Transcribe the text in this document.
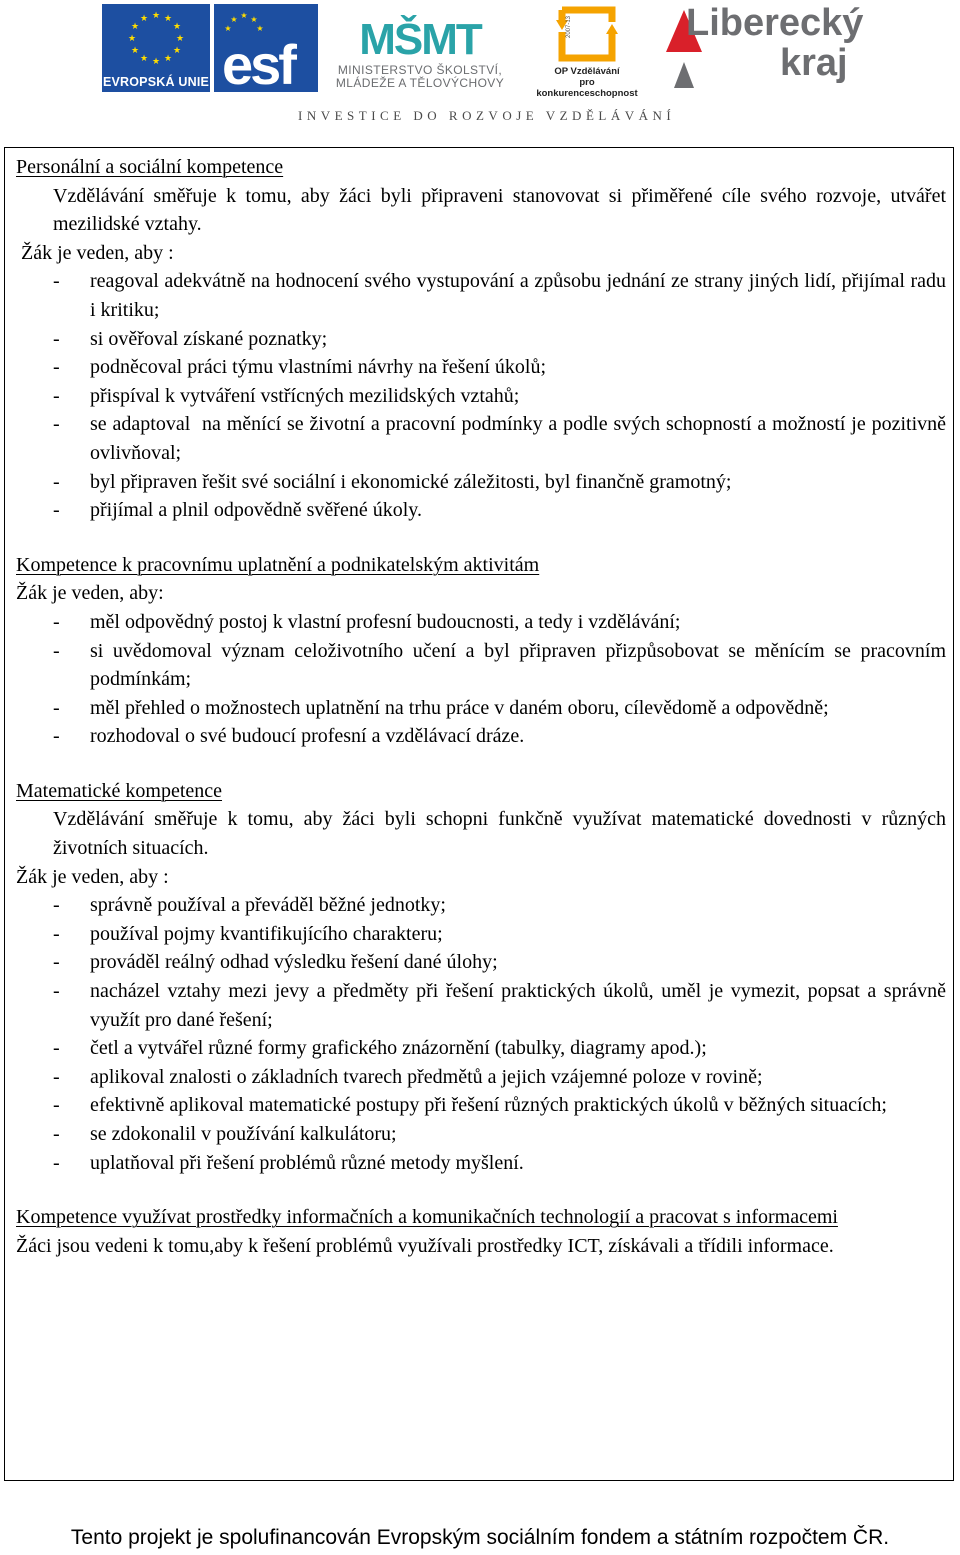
★ ★
★
★
★
★
★
★
★
★
★
★
EVROPSKÁ UNIE
★ ★
★
★
★
esf MŠMT
MINISTERSTVO ŠKOLSTVÍ,
MLÁDEŽE A TĚLOVÝCHOVY
2007-13
OP Vzdělávání
pro konkurenceschopnost
Liberecký
kraj
INVESTICE DO ROZVOJE VZDĚLÁVÁNÍ
Personální a sociální kompetence
Vzdělávání směřuje k tomu, aby žáci byli připraveni stanovovat si přiměřené cíle svého rozvoje, utvářet mezilidské vztahy.
Žák je veden, aby :
- reagoval adekvátně na hodnocení svého vystupování a způsobu jednání ze strany jiných lidí, přijímal radu i kritiku;
- si ověřoval získané poznatky;
- podněcoval práci týmu vlastními návrhy na řešení úkolů;
- přispíval k vytváření vstřícných mezilidských vztahů;
- se adaptoval  na měnící se životní a pracovní podmínky a podle svých schopností a možností je pozitivně ovlivňoval;
- byl připraven řešit své sociální i ekonomické záležitosti, byl finančně gramotný;
- přijímal a plnil odpovědně svěřené úkoly.
Kompetence k pracovnímu uplatnění a podnikatelským aktivitám
Žák je veden, aby:
- měl odpovědný postoj k vlastní profesní budoucnosti, a tedy i vzdělávání;
- si uvědomoval význam celoživotního učení a byl připraven přizpůsobovat se měnícím se pracovním podmínkám;
- měl přehled o možnostech uplatnění na trhu práce v daném oboru, cílevědomě a odpovědně;
- rozhodoval o své budoucí profesní a vzdělávací dráze.
Matematické kompetence
Vzdělávání směřuje k tomu, aby žáci byli schopni funkčně využívat matematické dovednosti v různých životních situacích.
Žák je veden, aby :
- správně používal a převáděl běžné jednotky;
- používal pojmy kvantifikujícího charakteru;
- prováděl reálný odhad výsledku řešení dané úlohy;
- nacházel vztahy mezi jevy a předměty při řešení praktických úkolů, uměl je vymezit, popsat a správně využít pro dané řešení;
- četl a vytvářel různé formy grafického znázornění (tabulky, diagramy apod.);
- aplikoval znalosti o základních tvarech předmětů a jejich vzájemné poloze v rovině;
- efektivně aplikoval matematické postupy při řešení různých praktických úkolů v běžných situacích;
- se zdokonalil v používání kalkulátoru;
- uplatňoval při řešení problémů různé metody myšlení.
Kompetence využívat prostředky informačních a komunikačních technologií a pracovat s informacemi
Žáci jsou vedeni k tomu,aby k řešení problémů využívali prostředky ICT, získávali a třídili informace.
Tento projekt je spolufinancován Evropským sociálním fondem a státním rozpočtem ČR.
